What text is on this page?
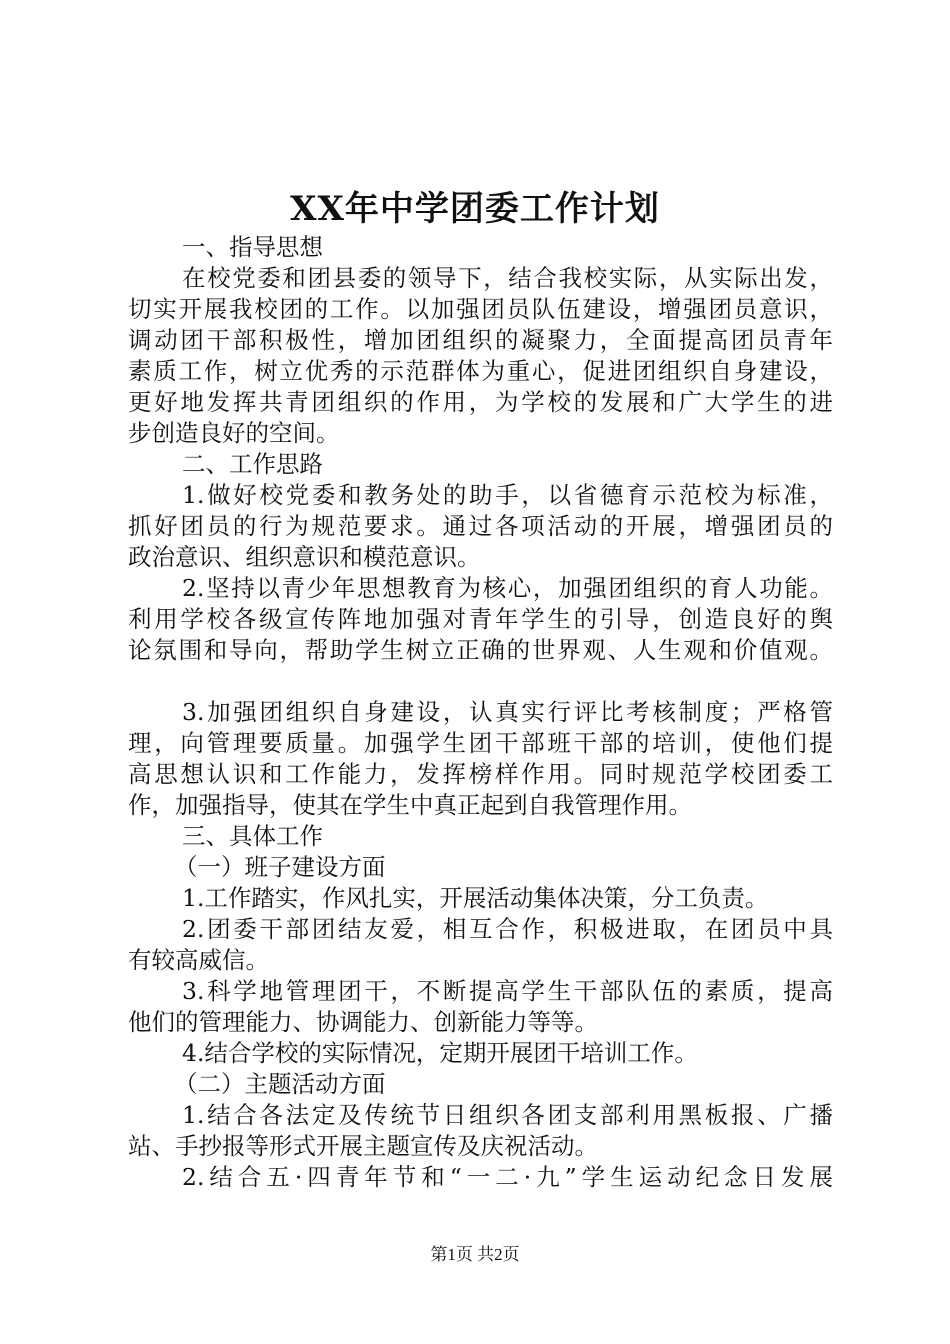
XX年中学团委工作计划
一、指导思想
在校党委和团县委的领导下，结合我校实际，从实际出发，
切实开展我校团的工作。以加强团员队伍建设，增强团员意识，
调动团干部积极性，增加团组织的凝聚力，全面提高团员青年
素质工作，树立优秀的示范群体为重心，促进团组织自身建设，
更好地发挥共青团组织的作用，为学校的发展和广大学生的进
步创造良好的空间。
二、工作思路
1.做好校党委和教务处的助手，以省德育示范校为标准，
抓好团员的行为规范要求。通过各项活动的开展，增强团员的
政治意识、组织意识和模范意识。
2.坚持以青少年思想教育为核心，加强团组织的育人功能。
利用学校各级宣传阵地加强对青年学生的引导，创造良好的舆
论氛围和导向，帮助学生树立正确的世界观、人生观和价值观。
3.加强团组织自身建设，认真实行评比考核制度；严格管
理，向管理要质量。加强学生团干部班干部的培训，使他们提
高思想认识和工作能力，发挥榜样作用。同时规范学校团委工
作，加强指导，使其在学生中真正起到自我管理作用。
三、具体工作
（一）班子建设方面
1.工作踏实，作风扎实，开展活动集体决策，分工负责。
2.团委干部团结友爱，相互合作，积极进取，在团员中具
有较高威信。
3.科学地管理团干，不断提高学生干部队伍的素质，提高
他们的管理能力、协调能力、创新能力等等。
4.结合学校的实际情况，定期开展团干培训工作。
（二）主题活动方面
1.结合各法定及传统节日组织各团支部利用黑板报、广播
站、手抄报等形式开展主题宣传及庆祝活动。
2.结合五·四青年节和“一二·九”学生运动纪念日发展
第1页 共2页
